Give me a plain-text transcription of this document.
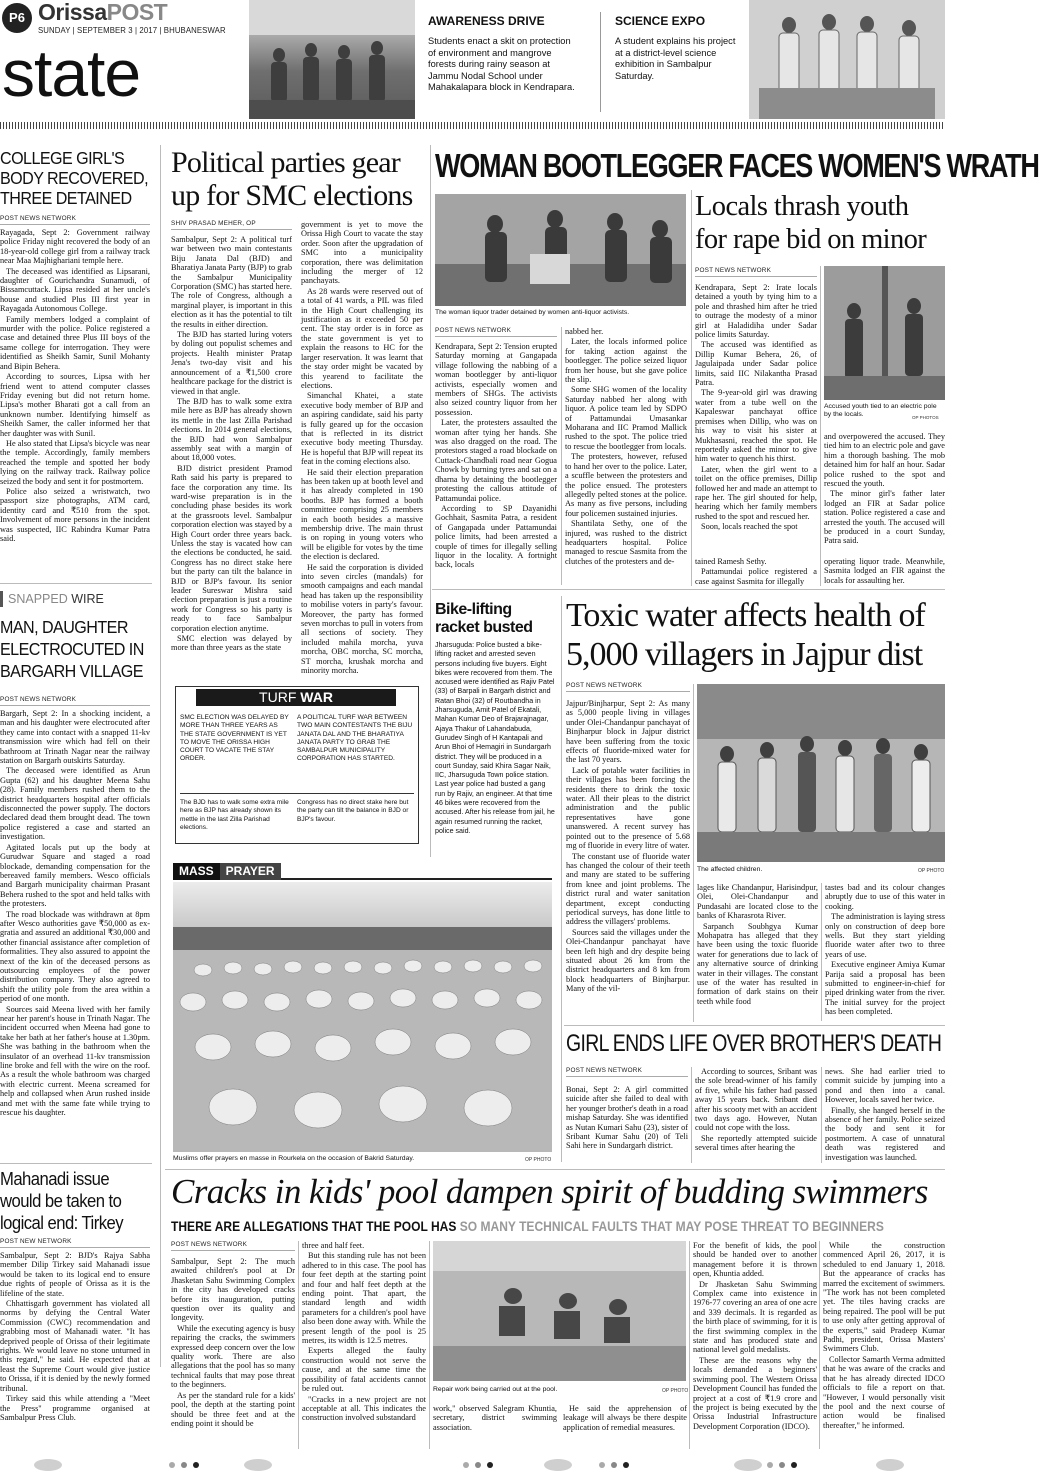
P6 OrissaPOST
SUNDAY | SEPTEMBER 3 | 2017 | BHUBANESWAR
state
AWARENESS DRIVE
Students enact a skit on protection of environment and mangrove forests during rainy season at Jammu Nodal School under Mahakalapara block in Kendrapara.
SCIENCE EXPO
A student explains his project at a district-level science exhibition in Sambalpur Saturday.
COLLEGE GIRL'S
BODY RECOVERED,
THREE DETAINED
POST NEWS NETWORK

Rayagada, Sept 2: Government railway police Friday night recovered the body of an 18-year-old college girl from a railway track near Maa Majhighariani temple here.

The deceased was identified as Lipsarani, daughter of Gourichandra Sunamudi, of Bissamcuttack. Lipsa resided at her uncle's house and studied Plus III first year in Rayagada Autonomous College.

Family members lodged a complaint of murder with the police. Police registered a case and detained three Plus III boys of the same college for interrogation. They were identified as Sheikh Samir, Sunil Mohanty and Bipin Behera.

According to sources, Lipsa with her friend went to attend computer classes Friday evening but did not return home. Lipsa's mother Bharati got a call from an unknown number. Identifying himself as Sheikh Samer, the caller informed her that her daughter was with Sunil.

He also stated that Lipsa's bicycle was near the temple. Accordingly, family members reached the temple and spotted her body lying on the railway track. Railway police seized the body and sent it for postmortem.

Police also seized a wristwatch, two passport size photographs, ATM card, identity card and ₹510 from the spot. Involvement of more persons in the incident was suspected, IIC Rabindra Kumar Patra said.

SNAPPED WIRE
MAN, DAUGHTER
ELECTROCUTED IN
BARGARH VILLAGE
POST NEWS NETWORK

Bargarh, Sept 2: In a shocking incident, a man and his daughter were electrocuted after they came into contact with a snapped 11-kv transmission wire which had fell on their bathroom at Trinath Nagar near the railway station on Bargarh outskirts Saturday.

The deceased were identified as Arun Gupta (62) and his daughter Meena Sahu (28). Family members rushed them to the district headquarters hospital after officials disconnected the power supply. The doctors declared dead them brought dead. The town police registered a case and started an investigation.

Agitated locals put up the body at Gurudwar Square and staged a road blockade, demanding compensation for the bereaved family members. Wesco officials and Bargarh municipality chairman Prasant Behera rushed to the spot and held talks with the protesters.

The road blockade was withdrawn at 8pm after Wesco authorities gave ₹50,000 as ex-gratia and assured an additional ₹30,000 and other financial assistance after completion of formalities. They also assured to appoint the next of the kin of the deceased persons as outsourcing employees of the power distribution company. They also agreed to shift the utility pole from the area within a period of one month.

Sources said Meena lived with her family near her parent's house in Trinath Nagar. The incident occurred when Meena had gone to take her bath at her father's house at 1.30pm. She was bathing in the bathroom when the insulator of an overhead 11-kv transmission line broke and fell with the wire on the roof. As a result the whole bathroom was charged with electric current. Meena screamed for help and collapsed when Arun rushed inside and met with the same fate while trying to rescue his daughter.

Mahanadi issue
would be taken to
logical end: Tirkey
POST NEW NETWORK

Sambalpur, Sept 2: BJD's Rajya Sabha member Dilip Tirkey said Mahanadi issue would be taken to its logical end to ensure due rights of people of Orissa as it is the lifeline of the state.

Chhattisgarh government has violated all norms by defying the Central Water Commission (CWC) recommendation and grabbing most of Mahanadi water. "It has deprived people of Orissa of their legitimate rights. We would leave no stone unturned in this regard," he said. He expected that at least the Supreme Court would give justice to Orissa, if it is denied by the newly formed tribunal.

Tirkey said this while attending a "Meet the Press" programme organised at Sambalpur Press Club.

Political parties gear
up for SMC elections
SHIV PRASAD MEHER, OP

Sambalpur, Sept 2: A political turf war between two main contestants Biju Janata Dal (BJD) and Bharatiya Janata Party (BJP) to grab the Sambalpur Municipality Corporation (SMC) has started here. The role of Congress, although a marginal player, is important in this election as it has the potential to tilt the results in either direction.

The BJD has started luring voters by doling out populist schemes and projects. Health minister Pratap Jena's two-day visit and his announcement of a ₹1,500 crore healthcare package for the district is viewed in that angle.

The BJD has to walk some extra mile here as BJP has already shown its mettle in the last Zilla Parishad elections. In 2014 general elections, the BJD had won Sambalpur assembly seat with a margin of about 18,000 votes.

BJD district president Pramod Rath said his party is prepared to face the corporation any time. Its ward-wise preparation is in the concluding phase besides its work at the grassroots level. Sambalpur corporation election was stayed by a High Court order three years back. Unless the stay is vacated how can the elections be conducted, he said. Congress has no direct stake here but the party can tilt the balance in BJD or BJP's favour. Its senior leader Sureswar Mishra said election preparation is just a routine work for Congress so his party is ready to face Sambalpur corporation election anytime.

SMC election was delayed by more than three years as the state

government is yet to move the Orissa High Court to vacate the stay order. Soon after the upgradation of SMC into a municipality corporation, there was delimitation including the merger of 12 panchayats.

As 28 wards were reserved out of a total of 41 wards, a PIL was filed in the High Court challenging its justification as it exceeded 50 per cent. The stay order is in force as the state government is yet to explain the reasons to HC for the larger reservation. It was learnt that the stay order might be vacated by this yearend to facilitate the elections.

Simanchal Khatei, a state executive body member of BJP and an aspiring candidate, said his party is fully geared up for the occasion that is reflected in its district executive body meeting Thursday. He is hopeful that BJP will repeat its feat in the coming elections also.

He said their election preparation has been taken up at booth level and it has already completed in 190 booths. BJP has formed a booth committee comprising 25 members in each booth besides a massive membership drive. The main thrust is on roping in young voters who will be eligible for votes by the time the election is declared.

He said the corporation is divided into seven circles (mandals) for smooth campaigns and each mandal head has taken up the responsibility to mobilise voters in party's favour. Moreover, the party has formed seven morchas to pull in voters from all sections of society. They included mahila morcha, yuva morcha, OBC morcha, SC morcha, ST morcha, krushak morcha and minority morcha.

TURF WAR
SMC ELECTION WAS DELAYED BY MORE THAN THREE YEARS AS THE STATE GOVERNMENT IS YET TO MOVE THE ORISSA HIGH COURT TO VACATE THE STAY ORDER.
A POLITICAL TURF WAR BETWEEN TWO MAIN CONTESTANTS THE BIJU JANATA DAL AND THE BHARATIYA JANATA PARTY TO GRAB THE SAMBALPUR MUNICIPALITY CORPORATION HAS STARTED.
The BJD has to walk some extra mile here as BJP has already shown its mettle in the last Zilla Parishad elections.
Congress has no direct stake here but the party can tilt the balance in BJD or BJP's favour.
MASS PRAYER
Muslims offer prayers en masse in Rourkela on the occasion of Bakrid Saturday.	OP PHOTO
WOMAN BOOTLEGGER FACES WOMEN'S WRATH
The woman liquor trader detained by women anti-liquor activists.
POST NEWS NETWORK

Kendrapara, Sept 2: Tension erupted Saturday morning at Gangapada village following the nabbing of a woman bootlegger by anti-liquor activists, especially women and members of SHGs. The activists also seized country liquor from her possession.

Later, the protesters assaulted the woman after tying her hands. She was also dragged on the road. The protestors staged a road blockade on Cuttack-Chandbali road near Gogua Chowk by burning tyres and sat on a dharna by detaining the bootlegger protesting the callous attitude of Pattamundai police.

According to SP Dayanidhi Gochhait, Sasmita Patra, a resident of Gangapada under Pattamundai police limits, had been arrested a couple of times for illegally selling liquor in the locality. A fortnight back, locals

nabbed her.

Later, the locals informed police for taking action against the bootlegger. The police seized liquor from her house, but she gave police the slip.

Some SHG women of the locality Saturday nabbed her along with liquor. A police team led by SDPO of Pattamundai Umasankar Moharana and IIC Pramod Mallick rushed to the spot. The police tried to rescue the bootlegger from locals.

The protesters, however, refused to hand her over to the police. Later, a scuffle between the protesters and the police ensued. The protesters allegedly pelted stones at the police. As many as five persons, including four policemen sustained injuries.

Shantilata Sethy, one of the injured, was rushed to the district headquarters hospital. Police managed to rescue Sasmita from the clutches of the protesters and de-	tained Ramesh Sethy.

Pattamundai police registered a case against Sasmita for illegally

Locals thrash youth
for rape bid on minor
POST NEWS NETWORK

Kendrapara, Sept 2: Irate locals detained a youth by tying him to a pole and thrashed him after he tried to outrage the modesty of a minor girl at Haladidiha under Sadar police limits Saturday.

The accused was identified as Dillip Kumar Behera, 26, of Jagulaipada under Sadar police limits, said IIC Nilakantha Prasad Patra.

The 9-year-old girl was drawing water from a tube well on the Kapaleswar panchayat office premises when Dillip, who was on his way to visit his sister at Mukhasasni, reached the spot. He reportedly asked the minor to give him water to quench his thirst.

Later, when the girl went to a toilet on the office premises, Dillip followed her and made an attempt to rape her. The girl shouted for help, hearing which her family members rushed to the spot and rescued her.

Soon, locals reached the spot

Accused youth tied to an electric pole by the locals.	OP PHOTOS

and overpowered the accused. They tied him to an electric pole and gave him a thorough bashing. The mob detained him for half an hour. Sadar police rushed to the spot and rescued the youth.

The minor girl's father later lodged an FIR at Sadar police station. Police registered a case and arrested the youth. The accused will be produced in a court Sunday, Patra said.

operating liquor trade. Meanwhile, Sasmita lodged an FIR against the locals for assaulting her.

Bike-lifting
racket busted
Jharsuguda: Police busted a bike-lifting racket and arrested seven persons including five buyers. Eight bikes were recovered from them. The accused were identified as Rajiv Patel (33) of Barpali in Bargarh district and Ratan Bhoi (32) of Routbandha in Jharsuguda, Amit Patel of Ekatali, Mahan Kumar Deo of Brajarajnagar, Ajaya Thakur of Lahandabuda, Gurudev Singh of H Kantapali and Arun Bhoi of Hemagiri in Sundargarh district. They will be produced in a court Sunday, said Khira Sagar Naik, IIC, Jharsuguda Town police station. Last year police had busted a gang run by Rajiv, an engineer. At that time 46 bikes were recovered from the accused. After his release from jail, he again resumed running the racket, police said.
Toxic water affects health of
5,000 villagers in Jajpur dist
POST NEWS NETWORK

Jajpur/Binjharpur, Sept 2: As many as 5,000 people living in villages under Olei-Chandanpur panchayat of Binjharpur block in Jajpur district have been suffering from the toxic effects of fluoride-mixed water for the last 70 years.

Lack of potable water facilities in their villages has been forcing the residents there to drink the toxic water. All their pleas to the district administration and the public representatives have gone unanswered. A recent survey has pointed out to the presence of 5.68 mg of fluoride in every litre of water.

The constant use of fluoride water has changed the colour of their teeth and many are stated to be suffering from knee and joint problems. The district rural and water sanitation department, except conducting periodical surveys, has done little to address the villagers' problems.

Sources said the villages under the Olei-Chandanpur panchayat have been left high and dry despite being situated about 26 km from the district headquarters and 8 km from block headquarters of Binjharpur. Many of the vil-

The affected children.	OP PHOTO

lages like Chandanpur, Harisindpur, Olei, Olei-Chandanpur and Pundasahi are located close to the banks of Kharasrota River.

Sarpanch Soubhgya Kumar Mohapatra has alleged that they have been using the toxic fluoride water for generations due to lack of any alternative source of drinking water in their villages. The constant use of the water has resulted in formation of dark stains on their teeth while food

tastes bad and its colour changes abruptly due to use of this water in cooking.

The administration is laying stress only on construction of deep bore wells. But they start yielding fluoride water after two to three years of use.

Executive engineer Amiya Kumar Parija said a proposal has been submitted to engineer-in-chief for piped drinking water from the river. The initial survey for the project has been completed.

GIRL ENDS LIFE OVER BROTHER'S DEATH
POST NEWS NETWORK

Bonai, Sept 2: A girl committed suicide after she failed to deal with her younger brother's death in a road mishap Saturday. She was identified as Nutan Kumari Sahu (23), sister of Sribant Kumar Sahu (20) of Teli Sahi here in Sundargarh district.

According to sources, Sribant was the sole bread-winner of his family of five, while his father had passed away 15 years back. Sribant died after his scooty met with an accident two days ago. However, Nutan could not cope with the loss.

She reportedly attempted suicide several times after hearing the

news. She had earlier tried to commit suicide by jumping into a pond and then into a canal. However, locals saved her twice.

Finally, she hanged herself in the absence of her family. Police seized the body and sent it for postmortem. A case of unnatural death was registered and investigation was launched.

Cracks in kids' pool dampen spirit of budding swimmers
THERE ARE ALLEGATIONS THAT THE POOL HAS SO MANY TECHNICAL FAULTS THAT MAY POSE THREAT TO BEGINNERS
POST NEWS NETWORK

Sambalpur, Sept 2: The much awaited children's pool at Dr Jhasketan Sahu Swimming Complex in the city has developed cracks before its inauguration, putting question over its quality and longevity.

While the executing agency is busy repairing the cracks, the swimmers expressed deep concern over the low quality work. There are also allegations that the pool has so many technical faults that may pose threat to the beginners.

As per the standard rule for a kids' pool, the depth at the starting point should be three feet and at the ending point it should be

three and half feet.

But this standing rule has not been adhered to in this case. The pool has four feet depth at the starting point and four and half feet depth at the ending point. That apart, the standard length and width parameters for a children's pool have also been done away with. While the present length of the pool is 25 metres, its width is 12.5 metres.

Experts alleged the faulty construction would not serve the cause, and at the same time the possibility of fatal accidents cannot be ruled out.

"Cracks in a new project are not acceptable at all. This indicates the construction involved substandard

Repair work being carried out at the pool.	OP PHOTO

work," observed Salegram Khuntia, secretary, district swimming association.

He said the apprehension of leakage will always be there despite application of remedial measures.

For the benefit of kids, the pool should be handed over to another management before it is thrown open, Khuntia added.

Dr Jhasketan Sahu Swimming Complex came into existence in 1976-77 covering an area of one acre and 339 decimals. It is regarded as the birth place of swimming, for it is the first swimming complex in the state and has produced state and national level gold medalists.

These are the reasons why the locals demanded a beginners' swimming pool. The Western Orissa Development Council has funded the project at a cost of ₹1.9 crore and the project is being executed by the Orissa Industrial Infrastructure Development Corporation (IDCO).

While the construction commenced April 26, 2017, it is scheduled to end January 1, 2018. But the appearance of cracks has marred the excitement of swimmers. "The work has not been completed yet. The tiles having cracks are being repaired. The pool will be put to use only after getting approval of the experts," said Pradeep Kumar Padhi, president, Orissa Masters' Swimmers Club.

Collector Samarth Verma admitted that he was aware of the cracks and that he has already directed IDCO officials to file a report on that. "However, I would personally visit the pool and the next course of action would be finalised thereafter," he informed.
